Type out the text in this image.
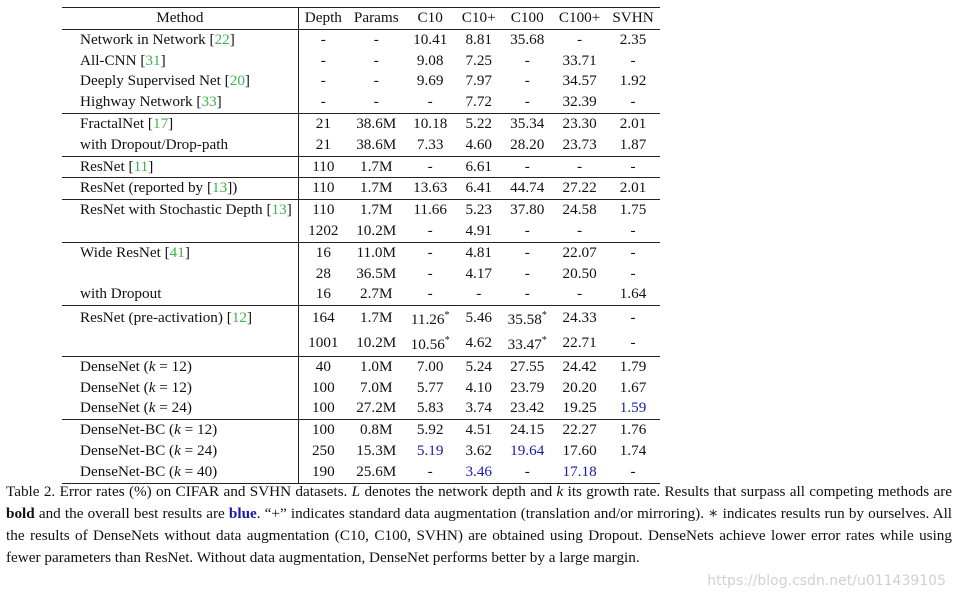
Method	Depth	Params	C10	C10+	C100	C100+	SVHN
Network in Network [22]	-	-	10.41	8.81	35.68	-	2.35
All-CNN [31]	-	-	9.08	7.25	-	33.71	-
Deeply Supervised Net [20]	-	-	9.69	7.97	-	34.57	1.92
Highway Network [33]	-	-	-	7.72	-	32.39	-
FractalNet [17]	21	38.6M	10.18	5.22	35.34	23.30	2.01
with Dropout/Drop-path	21	38.6M	7.33	4.60	28.20	23.73	1.87
ResNet [11]	110	1.7M	-	6.61	-	-	-
ResNet (reported by [13])	110	1.7M	13.63	6.41	44.74	27.22	2.01
ResNet with Stochastic Depth [13]	110	1.7M	11.66	5.23	37.80	24.58	1.75
	1202	10.2M	-	4.91	-	-	-
Wide ResNet [41]	16	11.0M	-	4.81	-	22.07	-
	28	36.5M	-	4.17	-	20.50	-
with Dropout	16	2.7M	-	-	-	-	1.64
ResNet (pre-activation) [12]	164	1.7M	11.26*	5.46	35.58*	24.33	-
	1001	10.2M	10.56*	4.62	33.47*	22.71	-
DenseNet (k = 12)	40	1.0M	7.00	5.24	27.55	24.42	1.79
DenseNet (k = 12)	100	7.0M	5.77	4.10	23.79	20.20	1.67
DenseNet (k = 24)	100	27.2M	5.83	3.74	23.42	19.25	1.59
DenseNet-BC (k = 12)	100	0.8M	5.92	4.51	24.15	22.27	1.76
DenseNet-BC (k = 24)	250	15.3M	5.19	3.62	19.64	17.60	1.74
DenseNet-BC (k = 40)	190	25.6M	-	3.46	-	17.18	-

Table 2. Error rates (%) on CIFAR and SVHN datasets. L denotes the network depth and k its growth rate. Results that surpass all competing methods are bold and the overall best results are blue. “+” indicates standard data augmentation (translation and/or mirroring). ∗ indicates results run by ourselves. All the results of DenseNets without data augmentation (C10, C100, SVHN) are obtained using Dropout. DenseNets achieve lower error rates while using fewer parameters than ResNet. Without data augmentation, DenseNet performs better by a large margin.

https://blog.csdn.net/u011439105
